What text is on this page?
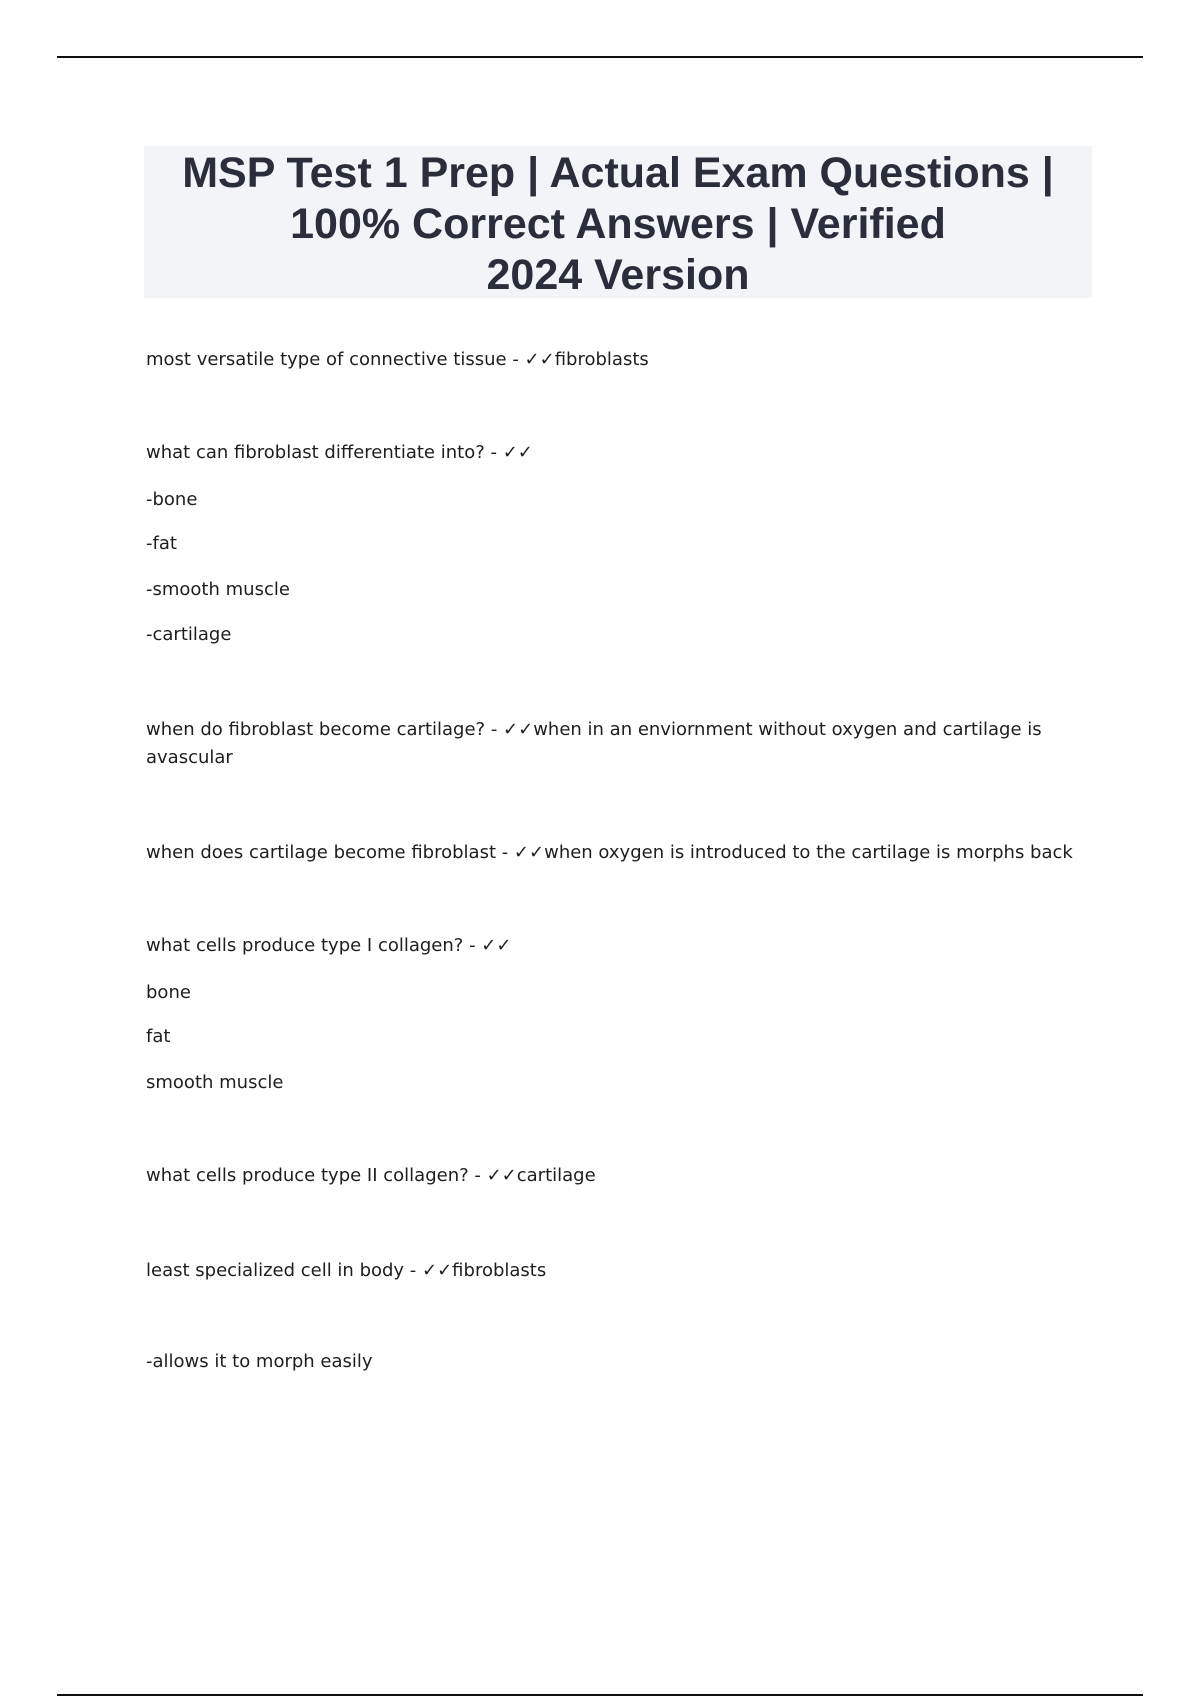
MSP Test 1 Prep | Actual Exam Questions |
100% Correct Answers | Verified
2024 Version
most versatile type of connective tissue - ✓✓fibroblasts
what can fibroblast differentiate into? - ✓✓
-bone
-fat
-smooth muscle
-cartilage
when do fibroblast become cartilage? - ✓✓when in an enviornment without oxygen and cartilage is
avascular
when does cartilage become fibroblast - ✓✓when oxygen is introduced to the cartilage is morphs back
what cells produce type I collagen? - ✓✓
bone
fat
smooth muscle
what cells produce type II collagen? - ✓✓cartilage
least specialized cell in body - ✓✓fibroblasts
-allows it to morph easily
